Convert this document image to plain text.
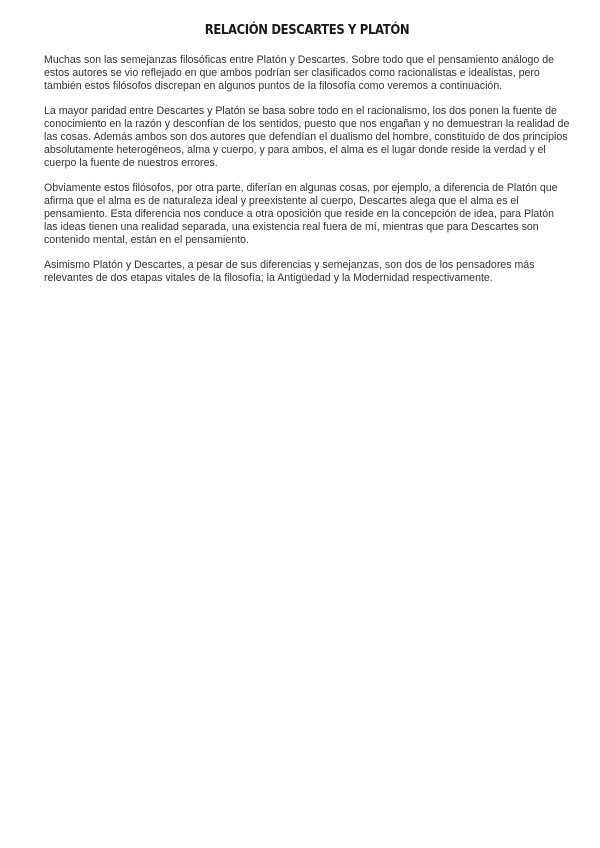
RELACIÓN DESCARTES Y PLATÓN

Muchas son las semejanzas filosóficas entre Platón y Descartes. Sobre todo que el pensamiento análogo de estos autores se vio reflejado en que ambos podrían ser clasificados como racionalistas e idealistas, pero también estos filósofos discrepan en algunos puntos de la filosofía como veremos a continuación.

La mayor paridad entre Descartes y Platón se basa sobre todo en el racionalismo, los dos ponen la fuente de conocimiento en la razón y desconfían de los sentidos, puesto que nos engañan y no demuestran la realidad de las cosas. Además ambos son dos autores que defendían el dualismo del hombre, constituido de dos principios absolutamente heterogéneos, alma y cuerpo, y para ambos, el alma es el lugar donde reside la verdad y el cuerpo la fuente de nuestros errores.

Obviamente estos filósofos, por otra parte, diferían en algunas cosas, por ejemplo, a diferencia de Platón que afirma que el alma es de naturaleza ideal y preexistente al cuerpo, Descartes alega que el alma es el pensamiento. Esta diferencia nos conduce a otra oposición que reside en la concepción de idea, para Platón las ideas tienen una realidad separada, una existencia real fuera de mí, mientras que para Descartes son contenido mental, están en el pensamiento.

Asimismo Platón y Descartes, a pesar de sus diferencias y semejanzas, son dos de los pensadores más relevantes de dos etapas vitales de la filosofía; la Antigüedad y la Modernidad respectivamente.
